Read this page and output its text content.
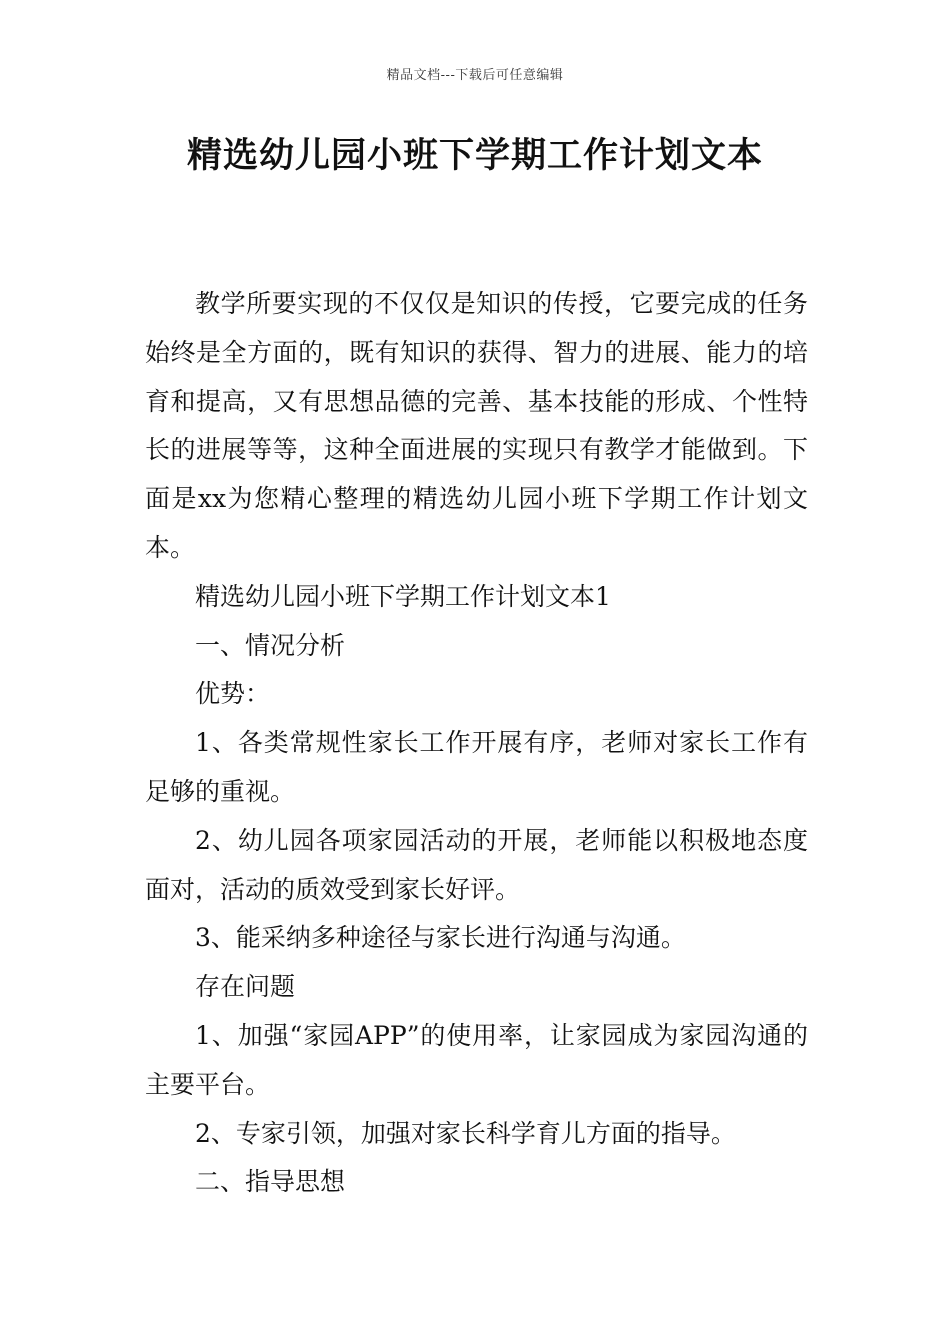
精品文档---下载后可任意编辑
精选幼儿园小班下学期工作计划文本

教学所要实现的不仅仅是知识的传授，它要完成的任务始终是全方面的，既有知识的获得、智力的进展、能力的培育和提高，又有思想品德的完善、基本技能的形成、个性特长的进展等等，这种全面进展的实现只有教学才能做到。下面是xx为您精心整理的精选幼儿园小班下学期工作计划文本。

精选幼儿园小班下学期工作计划文本1

一、情况分析

优势：

1、各类常规性家长工作开展有序，老师对家长工作有足够的重视。

2、幼儿园各项家园活动的开展，老师能以积极地态度面对，活动的质效受到家长好评。

3、能采纳多种途径与家长进行沟通与沟通。

存在问题

1、加强“家园APP”的使用率，让家园成为家园沟通的主要平台。

2、专家引领，加强对家长科学育儿方面的指导。

二、指导思想
